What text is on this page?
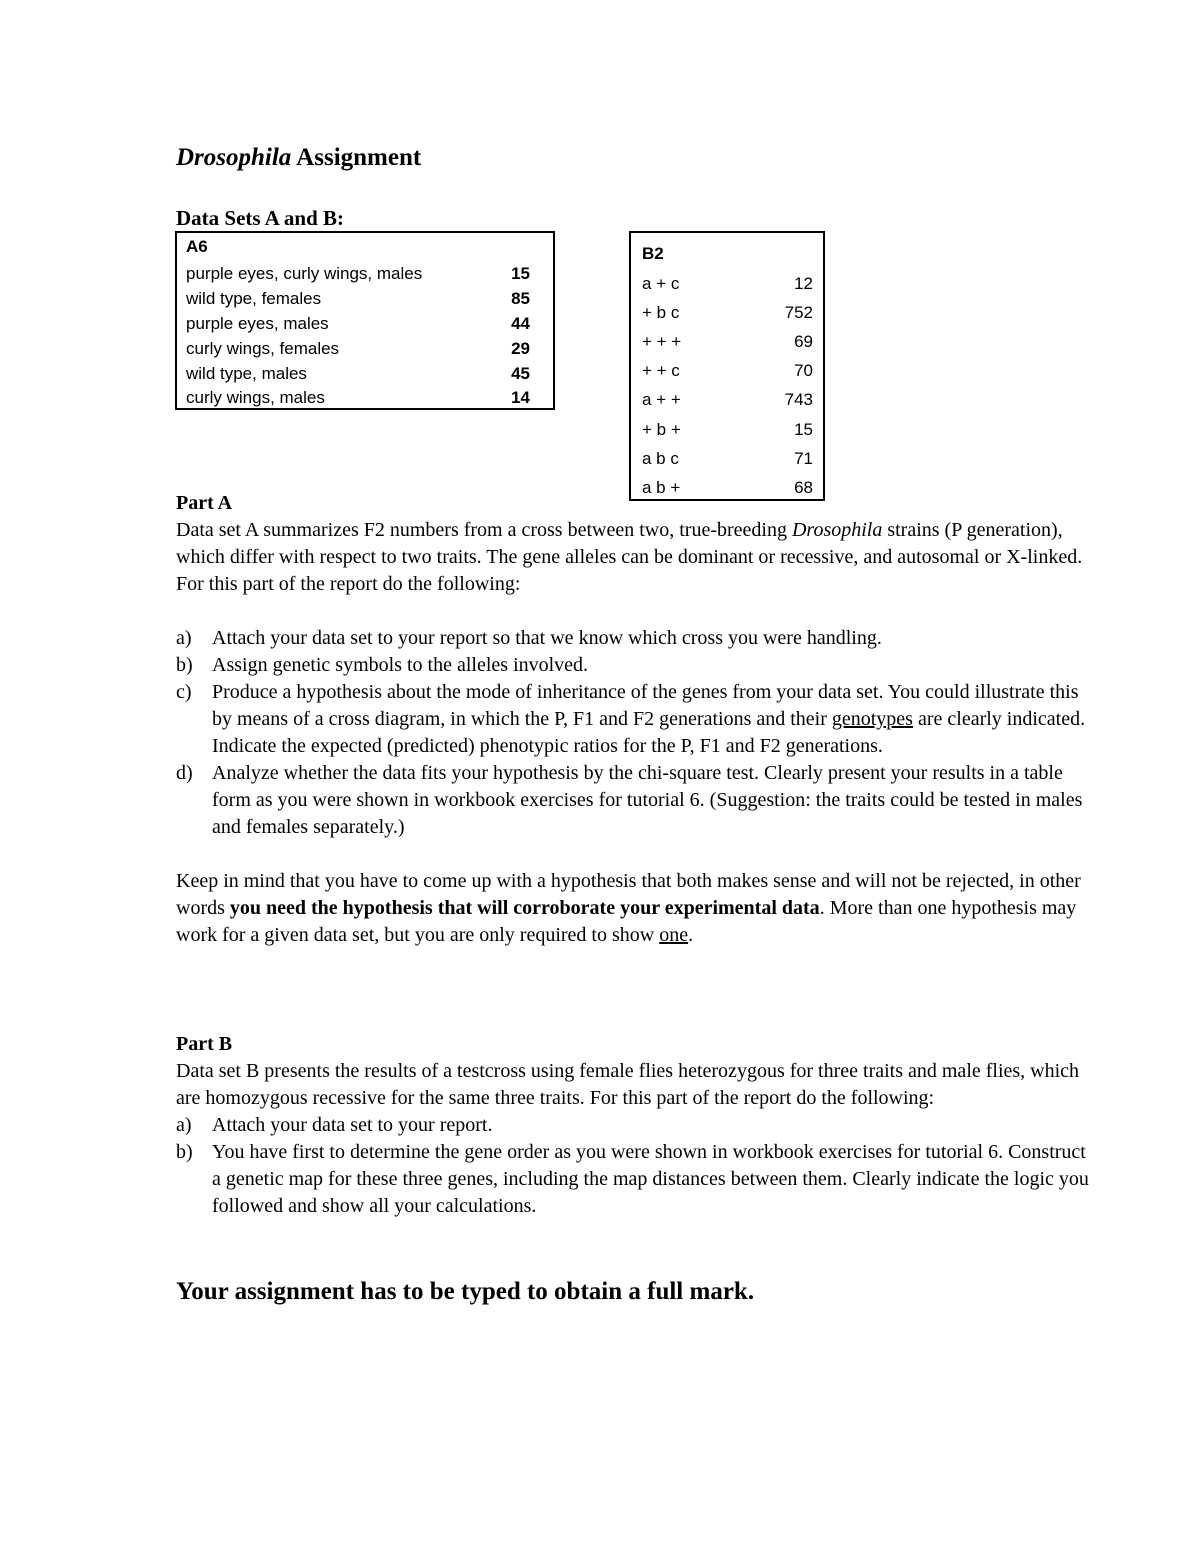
Drosophila Assignment
Data Sets A and B:
A6
purple eyes, curly wings, males	15
wild type, females	85
purple eyes, males	44
curly wings, females	29
wild type, males	45
curly wings, males	14
B2
a + c	12
+ b c	752
+ + +	69
+ + c	70
a + +	743
+ b +	15
a b c	71
a b +	68
Part A
Data set A summarizes F2 numbers from a cross between two, true-breeding Drosophila strains (P generation), which differ with respect to two traits. The gene alleles can be dominant or recessive, and autosomal or X-linked. For this part of the report do the following:
a) Attach your data set to your report so that we know which cross you were handling.
b) Assign genetic symbols to the alleles involved.
c) Produce a hypothesis about the mode of inheritance of the genes from your data set. You could illustrate this by means of a cross diagram, in which the P, F1 and F2 generations and their genotypes are clearly indicated. Indicate the expected (predicted) phenotypic ratios for the P, F1 and F2 generations.
d) Analyze whether the data fits your hypothesis by the chi-square test. Clearly present your results in a table form as you were shown in workbook exercises for tutorial 6. (Suggestion: the traits could be tested in males and females separately.)
Keep in mind that you have to come up with a hypothesis that both makes sense and will not be rejected, in other words you need the hypothesis that will corroborate your experimental data. More than one hypothesis may work for a given data set, but you are only required to show one.
Part B
Data set B presents the results of a testcross using female flies heterozygous for three traits and male flies, which are homozygous recessive for the same three traits. For this part of the report do the following:
a) Attach your data set to your report.
b) You have first to determine the gene order as you were shown in workbook exercises for tutorial 6. Construct a genetic map for these three genes, including the map distances between them. Clearly indicate the logic you followed and show all your calculations.
Your assignment has to be typed to obtain a full mark.
